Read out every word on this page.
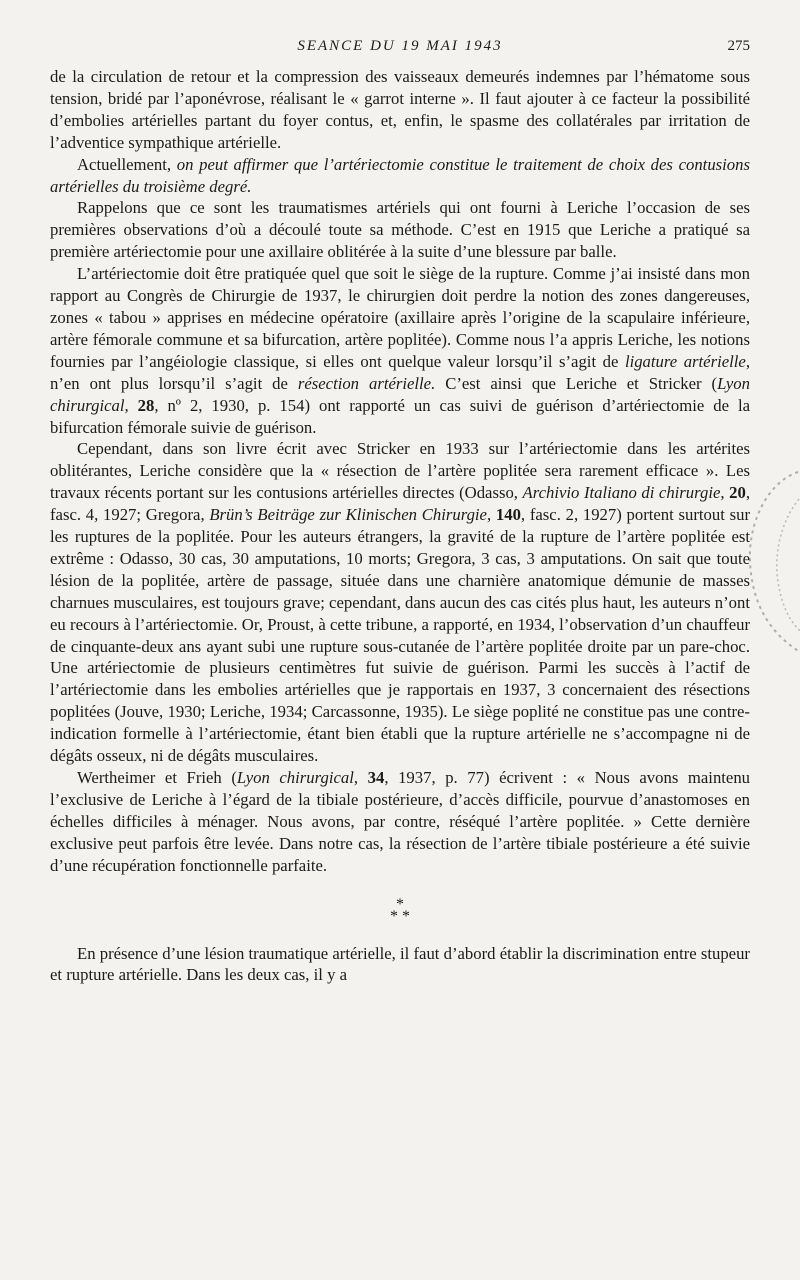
SEANCE DU 19 MAI 1943	275

de la circulation de retour et la compression des vaisseaux demeurés indemnes par l’hématome sous tension, bridé par l’aponévrose, réalisant le « garrot interne ». Il faut ajouter à ce facteur la possibilité d’embolies artérielles partant du foyer contus, et, enfin, le spasme des collatérales par irritation de l’adventice sympathique artérielle.

Actuellement, on peut affirmer que l’artériectomie constitue le traitement de choix des contusions artérielles du troisième degré.

Rappelons que ce sont les traumatismes artériels qui ont fourni à Leriche l’occasion de ses premières observations d’où a découlé toute sa méthode. C’est en 1915 que Leriche a pratiqué sa première artériectomie pour une axillaire oblitérée à la suite d’une blessure par balle.

L’artériectomie doit être pratiquée quel que soit le siège de la rupture. Comme j’ai insisté dans mon rapport au Congrès de Chirurgie de 1937, le chirurgien doit perdre la notion des zones dangereuses, zones « tabou » apprises en médecine opératoire (axillaire après l’origine de la scapulaire inférieure, artère fémorale commune et sa bifurcation, artère poplitée). Comme nous l’a appris Leriche, les notions fournies par l’angéiologie classique, si elles ont quelque valeur lorsqu’il s’agit de ligature artérielle, n’en ont plus lorsqu’il s’agit de résection artérielle. C’est ainsi que Leriche et Stricker (Lyon chirurgical, 28, nº 2, 1930, p. 154) ont rapporté un cas suivi de guérison d’artériectomie de la bifurcation fémorale suivie de guérison.

Cependant, dans son livre écrit avec Stricker en 1933 sur l’artériectomie dans les artérites oblitérantes, Leriche considère que la « résection de l’artère poplitée sera rarement efficace ». Les travaux récents portant sur les contusions artérielles directes (Odasso, Archivio Italiano di chirurgie, 20, fasc. 4, 1927; Gregora, Brün’s Beiträge zur Klinischen Chirurgie, 140, fasc. 2, 1927) portent surtout sur les ruptures de la poplitée. Pour les auteurs étrangers, la gravité de la rupture de l’artère poplitée est extrême : Odasso, 30 cas, 30 amputations, 10 morts; Gregora, 3 cas, 3 amputations. On sait que toute lésion de la poplitée, artère de passage, située dans une charnière anatomique démunie de masses charnues musculaires, est toujours grave; cependant, dans aucun des cas cités plus haut, les auteurs n’ont eu recours à l’artériectomie. Or, Proust, à cette tribune, a rapporté, en 1934, l’observation d’un chauffeur de cinquante-deux ans ayant subi une rupture sous-cutanée de l’artère poplitée droite par un pare-choc. Une artériectomie de plusieurs centimètres fut suivie de guérison. Parmi les succès à l’actif de l’artériectomie dans les embolies artérielles que je rapportais en 1937, 3 concernaient des résections poplitées (Jouve, 1930; Leriche, 1934; Carcassonne, 1935). Le siège poplité ne constitue pas une contre-indication formelle à l’artériectomie, étant bien établi que la rupture artérielle ne s’accompagne ni de dégâts osseux, ni de dégâts musculaires.

Wertheimer et Frieh (Lyon chirurgical, 34, 1937, p. 77) écrivent : « Nous avons maintenu l’exclusive de Leriche à l’égard de la tibiale postérieure, d’accès difficile, pourvue d’anastomoses en échelles difficiles à ménager. Nous avons, par contre, réséqué l’artère poplitée. » Cette dernière exclusive peut parfois être levée. Dans notre cas, la résection de l’artère tibiale postérieure a été suivie d’une récupération fonctionnelle parfaite.

*
* *

En présence d’une lésion traumatique artérielle, il faut d’abord établir la discrimination entre stupeur et rupture artérielle. Dans les deux cas, il y a
